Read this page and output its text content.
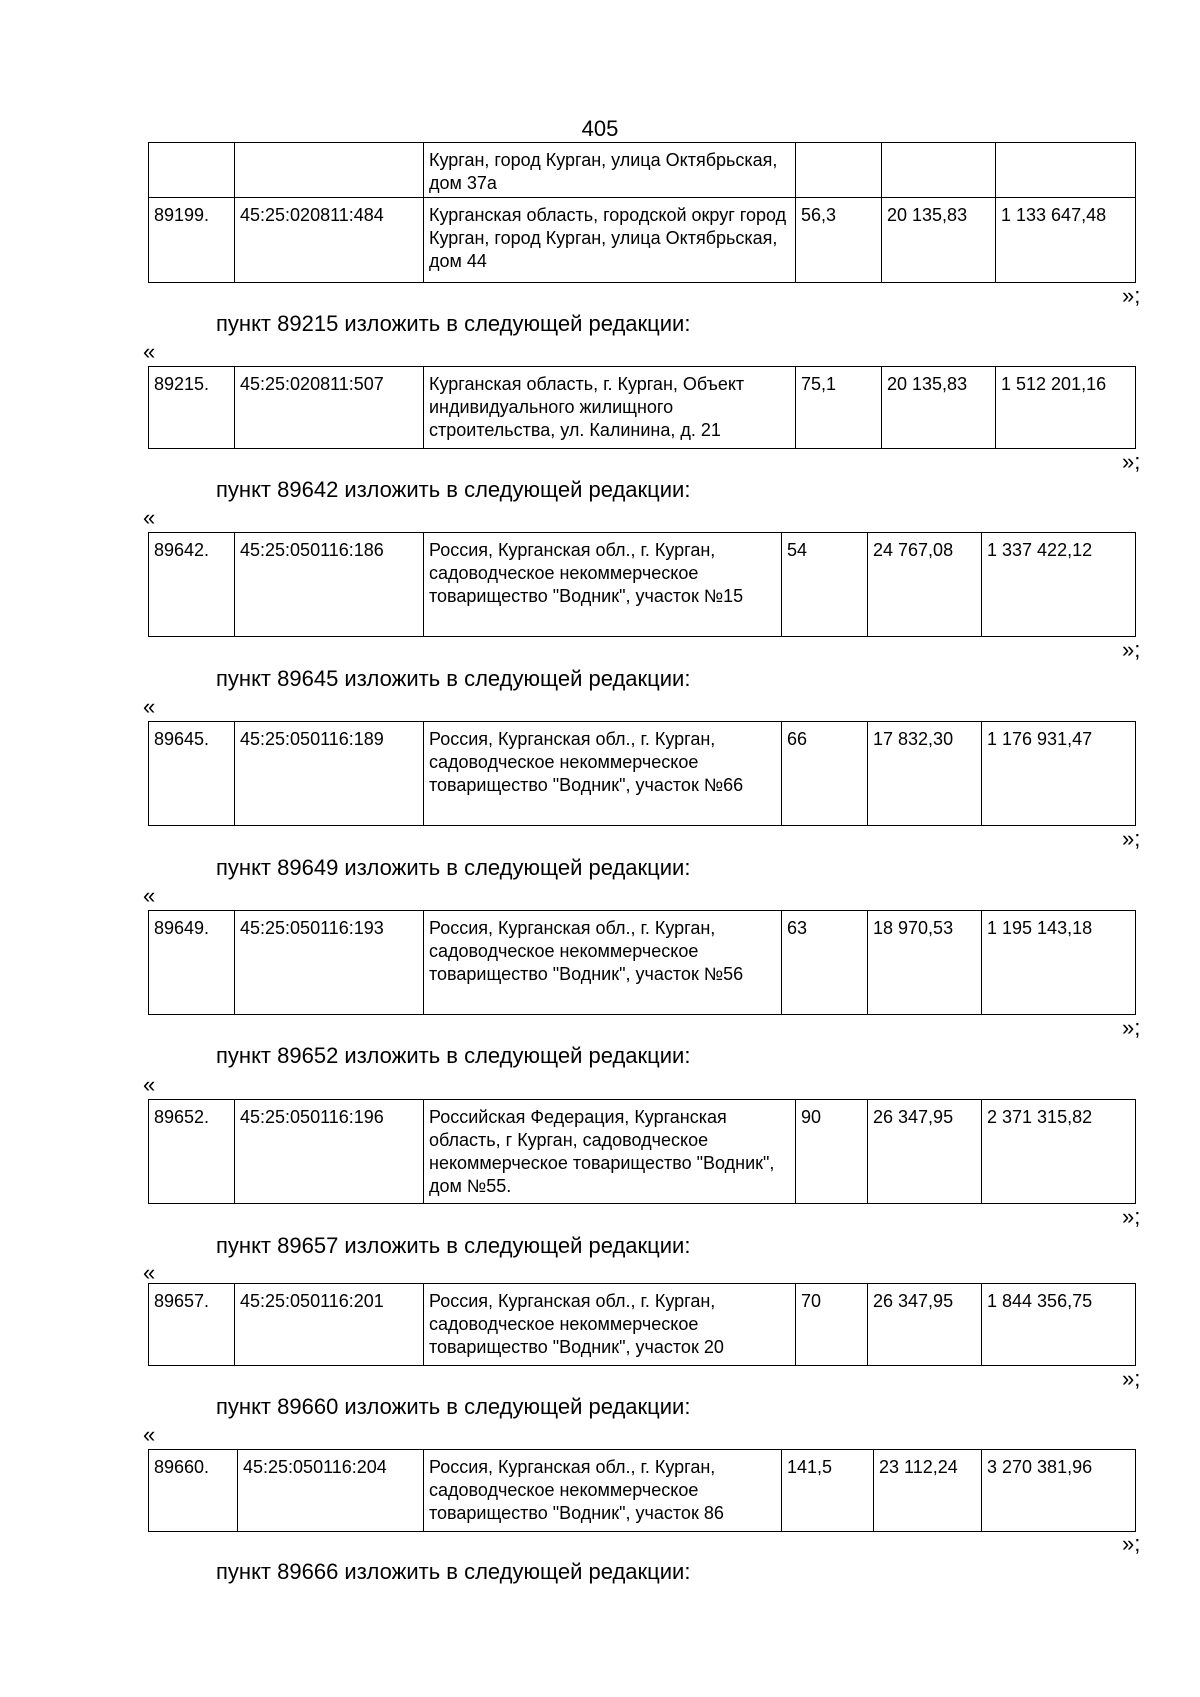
405
		Курган, город Курган, улица Октябрьская, дом 37а			
89199.	45:25:020811:484	Курганская область, городской округ город Курган, город Курган, улица Октябрьская, дом 44	56,3	20 135,83	1 133 647,48
»;
пункт 89215 изложить в следующей редакции:
«
89215.	45:25:020811:507	Курганская область, г. Курган, Объект индивидуального жилищного строительства, ул. Калинина, д. 21	75,1	20 135,83	1 512 201,16
»;
пункт 89642 изложить в следующей редакции:
«
89642.	45:25:050116:186	Россия, Курганская обл., г. Курган, садоводческое некоммерческое товарищество "Водник", участок №15	54	24 767,08	1 337 422,12
»;
пункт 89645 изложить в следующей редакции:
«
89645.	45:25:050116:189	Россия, Курганская обл., г. Курган, садоводческое некоммерческое товарищество "Водник", участок №66	66	17 832,30	1 176 931,47
»;
пункт 89649 изложить в следующей редакции:
«
89649.	45:25:050116:193	Россия, Курганская обл., г. Курган, садоводческое некоммерческое товарищество "Водник", участок №56	63	18 970,53	1 195 143,18
»;
пункт 89652 изложить в следующей редакции:
«
89652.	45:25:050116:196	Российская Федерация, Курганская область, г Курган, садоводческое некоммерческое товарищество "Водник", дом №55.	90	26 347,95	2 371 315,82
»;
пункт 89657 изложить в следующей редакции:
«
89657.	45:25:050116:201	Россия, Курганская обл., г. Курган, садоводческое некоммерческое товарищество "Водник", участок 20	70	26 347,95	1 844 356,75
»;
пункт 89660 изложить в следующей редакции:
«
89660.	45:25:050116:204	Россия, Курганская обл., г. Курган, садоводческое некоммерческое товарищество "Водник", участок 86	141,5	23 112,24	3 270 381,96
»;
пункт 89666 изложить в следующей редакции:
